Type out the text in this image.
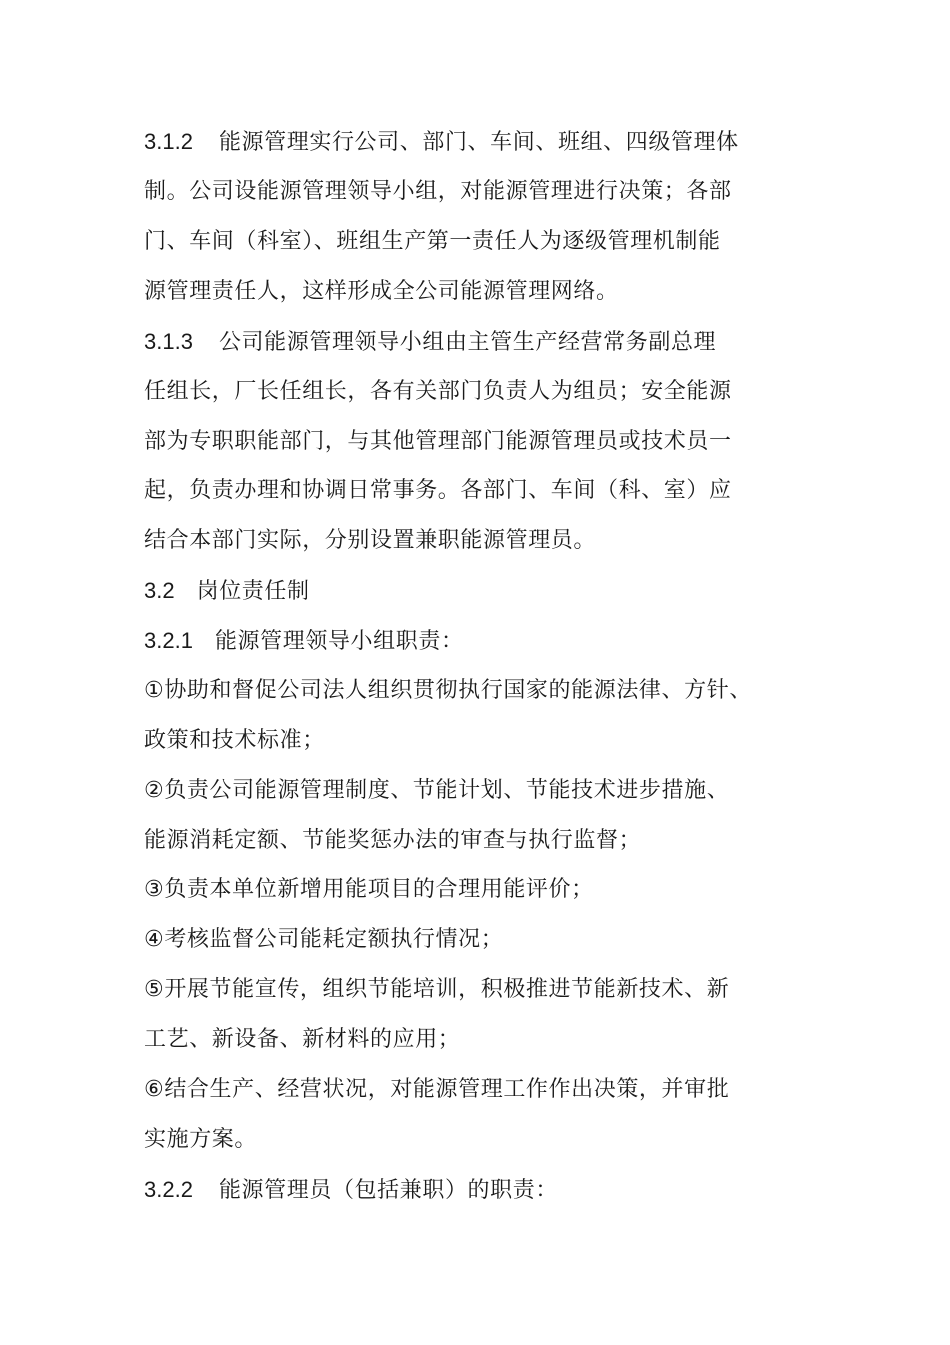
3.1.2 能源管理实行公司、部门、车间、班组、四级管理体
制。公司设能源管理领导小组，对能源管理进行决策；各部
门、车间（科室）、班组生产第一责任人为逐级管理机制能
源管理责任人，这样形成全公司能源管理网络。
3.1.3 公司能源管理领导小组由主管生产经营常务副总理
任组长，厂长任组长，各有关部门负责人为组员；安全能源
部为专职职能部门，与其他管理部门能源管理员或技术员一
起，负责办理和协调日常事务。各部门、车间（科、室）应
结合本部门实际，分别设置兼职能源管理员。
3.2 岗位责任制
3.2.1 能源管理领导小组职责：
①协助和督促公司法人组织贯彻执行国家的能源法律、方针、
政策和技术标准；
②负责公司能源管理制度、节能计划、节能技术进步措施、
能源消耗定额、节能奖惩办法的审查与执行监督；
③负责本单位新增用能项目的合理用能评价；
④考核监督公司能耗定额执行情况；
⑤开展节能宣传，组织节能培训，积极推进节能新技术、新
工艺、新设备、新材料的应用；
⑥结合生产、经营状况，对能源管理工作作出决策，并审批
实施方案。
3.2.2 能源管理员（包括兼职）的职责：
